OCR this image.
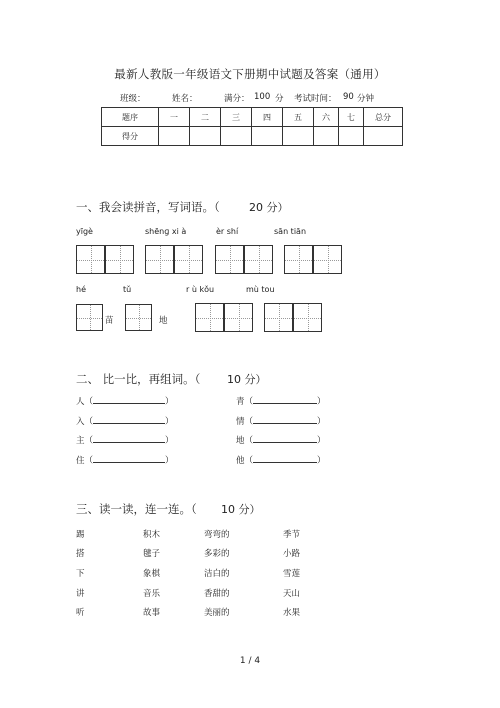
最新人教版一年级语文下册期中试题及答案（通用）
班级：	姓名：	满分： 100 分 考试时间： 90 分钟
题序	一	二	三	四	五	六	七	总分
得分								
一、我会读拼音，写词语。（	20 分）
yīgè	shēnɡ xi à	èr shí	sān tiān
hé	tǔ	r ù kǒu	mù tou
苗	地
二、 比一比，再组词。（ 10 分）
人（	）	青（	）
入（	）	情（	）
主（	）	地（	）
住（	）	他（	）
三、读一读，连一连。（ 10 分）
踢	积木	弯弯的	季节
搭	毽子	多彩的	小路
下	象棋	洁白的	雪莲
讲	音乐	香甜的	天山
听	故事	美丽的	水果
1 / 4
